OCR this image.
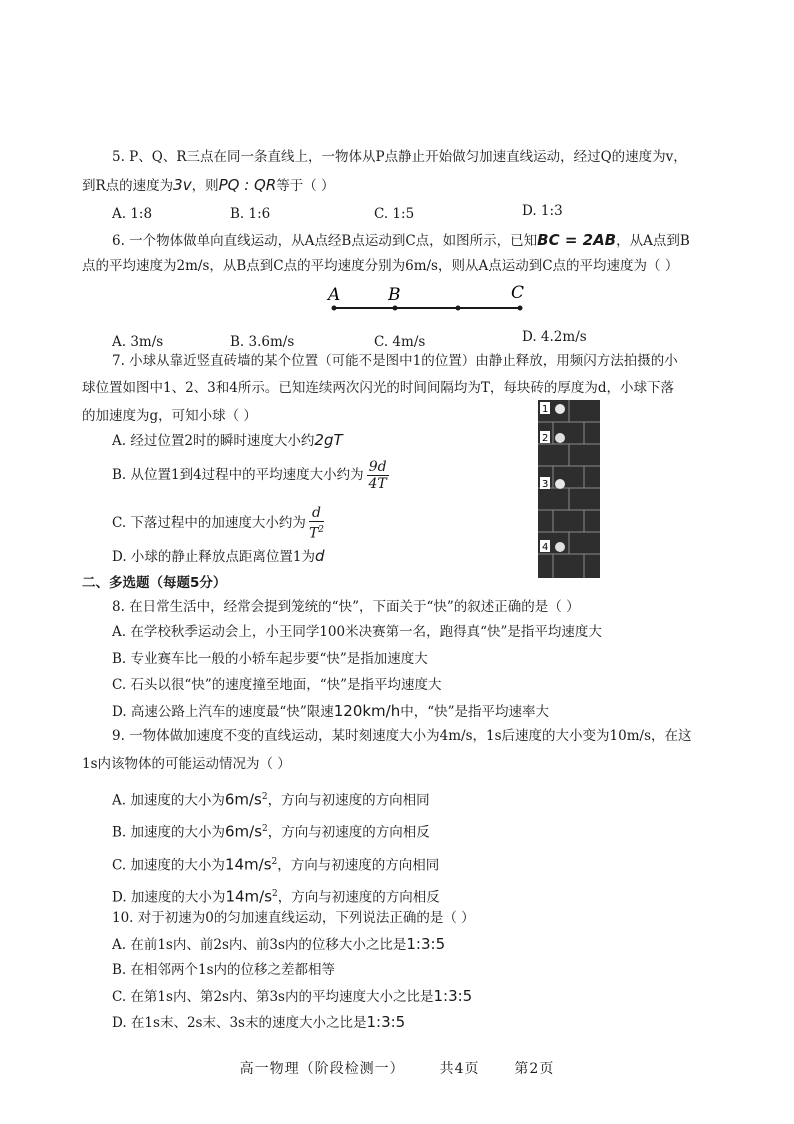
5. P、Q、R三点在同一条直线上，一物体从P点静止开始做匀加速直线运动，经过Q的速度为v，
到R点的速度为3v，则PQ : QR等于（ ）
A. 1:8	B. 1:6	C. 1:5	D. 1:3
6. 一个物体做单向直线运动，从A点经B点运动到C点，如图所示，已知BC = 2AB，从A点到B
点的平均速度为2m/s，从B点到C点的平均速度分别为6m/s，则从A点运动到C点的平均速度为（ ）
A	B	C
A. 3m/s	B. 3.6m/s	C. 4m/s	D. 4.2m/s
7. 小球从靠近竖直砖墙的某个位置（可能不是图中1的位置）由静止释放，用频闪方法拍摄的小
球位置如图中1、2、3和4所示。已知连续两次闪光的时间间隔均为T，每块砖的厚度为d，小球下落
的加速度为g，可知小球（ ）
A. 经过位置2时的瞬时速度大小约2gT
B. 从位置1到4过程中的平均速度大小约为 $\frac{9d}{4T}$
C. 下落过程中的加速度大小约为 $\frac{d}{T^2}$
D. 小球的静止释放点距离位置1为d
1
2
3
4
二、多选题（每题5分）
8. 在日常生活中，经常会提到笼统的“快”，下面关于“快”的叙述正确的是（ ）
A. 在学校秋季运动会上，小王同学100米决赛第一名，跑得真“快”是指平均速度大
B. 专业赛车比一般的小轿车起步要“快”是指加速度大
C. 石头以很“快”的速度撞至地面，“快”是指平均速度大
D. 高速公路上汽车的速度最“快”限速120km/h中，“快”是指平均速率大
9. 一物体做加速度不变的直线运动，某时刻速度大小为4m/s，1s后速度的大小变为10m/s，在这
1s内该物体的可能运动情况为（ ）
A. 加速度的大小为$6m/s^2$，方向与初速度的方向相同
B. 加速度的大小为$6m/s^2$，方向与初速度的方向相反
C. 加速度的大小为$14m/s^2$，方向与初速度的方向相同
D. 加速度的大小为$14m/s^2$，方向与初速度的方向相反
10. 对于初速为0的匀加速直线运动，下列说法正确的是（ ）
A. 在前1s内、前2s内、前3s内的位移大小之比是1:3:5
B. 在相邻两个1s内的位移之差都相等
C. 在第1s内、第2s内、第3s内的平均速度大小之比是1:3:5
D. 在1s末、2s末、3s末的速度大小之比是1:3:5
高一物理（阶段检测一） 共4页 第2页
